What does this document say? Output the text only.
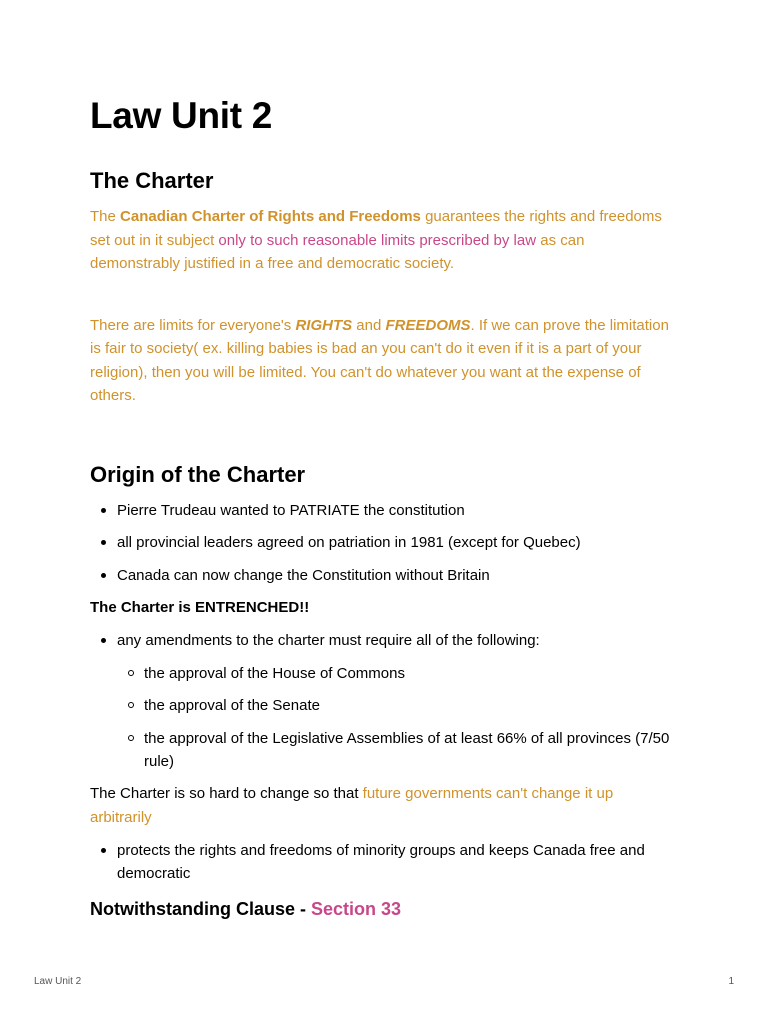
Law Unit 2
The Charter

The Canadian Charter of Rights and Freedoms guarantees the rights and freedoms set out in it subject only to such reasonable limits prescribed by law as can demonstrably justified in a free and democratic society.

There are limits for everyone's RIGHTS and FREEDOMS. If we can prove the limitation is fair to society( ex. killing babies is bad an you can't do it even if it is a part of your religion), then you will be limited. You can't do whatever you want at the expense of others.

Origin of the Charter
Pierre Trudeau wanted to PATRIATE the constitution
all provincial leaders agreed on patriation in 1981 (except for Quebec)
Canada can now change the Constitution without Britain

The Charter is ENTRENCHED!!

any amendments to the charter must require all of the following:
the approval of the House of Commons
the approval of the Senate
the approval of the Legislative Assemblies of at least 66% of all provinces (7/50 rule)

The Charter is so hard to change so that future governments can't change it up arbitrarily

protects the rights and freedoms of minority groups and keeps Canada free and democratic
Notwithstanding Clause - Section 33
Law Unit 2	1
